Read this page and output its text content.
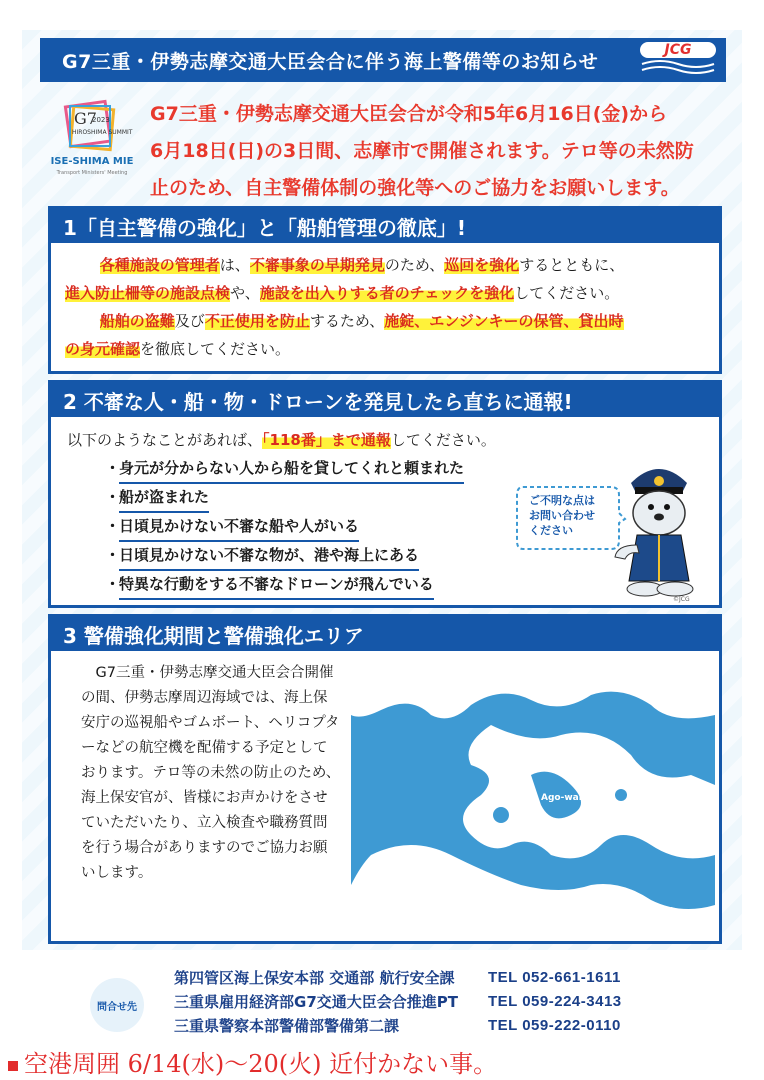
G7三重・伊勢志摩交通大臣会合に伴う海上警備等のお知らせ
JCG
G7
2023
HIROSHIMA SUMMIT
ISE-SHIMA MIE
Transport Ministers' Meeting
G7三重・伊勢志摩交通大臣会合が令和5年6月16日(金)から
6月18日(日)の3日間、志摩市で開催されます。テロ等の未然防
止のため、自主警備体制の強化等へのご協力をお願いします。
1「自主警備の強化」と「船舶管理の徹底」!
各種施設の管理者は、不審事象の早期発見のため、巡回を強化するとともに、
進入防止柵等の施設点検や、施設を出入りする者のチェックを強化してください。
船舶の盗難及び不正使用を防止するため、施錠、エンジンキーの保管、貸出時
の身元確認を徹底してください。
2 不審な人・船・物・ドローンを発見したら直ちに通報!
以下のようなことがあれば、「118番」まで通報してください。
・
身元が分からない人から船を貸してくれと頼まれた
・
船が盗まれた
・
日頃見かけない不審な船や人がいる
・
日頃見かけない不審な物が、港や海上にある
・
特異な行動をする不審なドローンが飛んでいる
ご不明な点は
お問い合わせ
ください
©JCG
3 警備強化期間と警備強化エリア
G7三重・伊勢志摩交通大臣会合開催の間、伊勢志摩周辺海域では、海上保安庁の巡視船やゴムボート、ヘリコプターなどの航空機を配備する予定としております。テロ等の未然の防止のため、海上保安官が、皆様にお声かけをさせていただいたり、立入検査や職務質問を行う場合がありますのでご協力お願いします。
英虞湾 Ago-wan
御座埼
Gozasaki
麦埼
Mugisaki
問合せ先
第四管区海上保安本部 交通部 航行安全課	TEL 052-661-1611
三重県雇用経済部G7交通大臣会合推進PT	TEL 059-224-3413
三重県警察本部警備部警備第二課	TEL 059-222-0110
空港周囲 6/14(水)～20(火) 近付かない事。
